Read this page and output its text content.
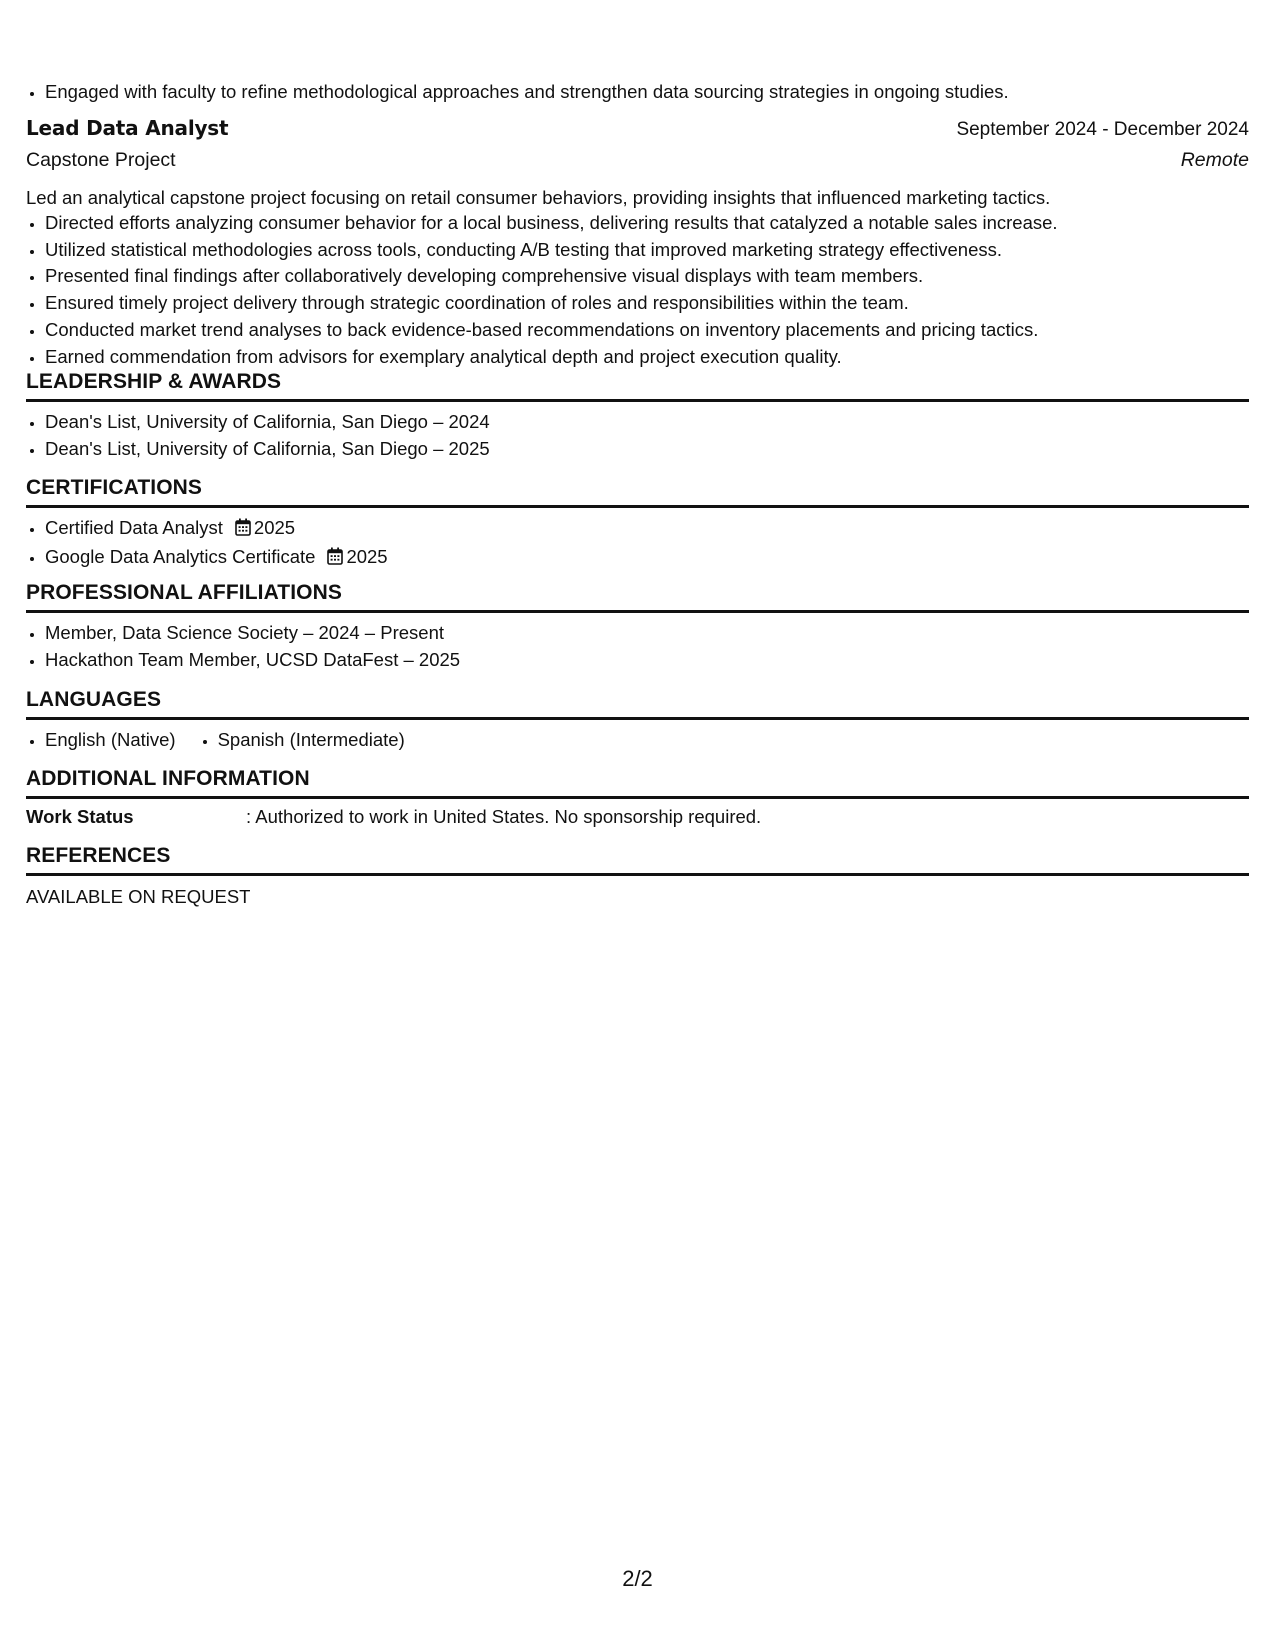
• Engaged with faculty to refine methodological approaches and strengthen data sourcing strategies in ongoing studies.
Lead Data Analyst	September 2024 - December 2024
Capstone Project	Remote
Led an analytical capstone project focusing on retail consumer behaviors, providing insights that influenced marketing tactics.
• Directed efforts analyzing consumer behavior for a local business, delivering results that catalyzed a notable sales increase.
• Utilized statistical methodologies across tools, conducting A/B testing that improved marketing strategy effectiveness.
• Presented final findings after collaboratively developing comprehensive visual displays with team members.
• Ensured timely project delivery through strategic coordination of roles and responsibilities within the team.
• Conducted market trend analyses to back evidence-based recommendations on inventory placements and pricing tactics.
• Earned commendation from advisors for exemplary analytical depth and project execution quality.
LEADERSHIP & AWARDS
• Dean's List, University of California, San Diego – 2024
• Dean's List, University of California, San Diego – 2025
CERTIFICATIONS
• Certified Data Analyst 2025
• Google Data Analytics Certificate 2025
PROFESSIONAL AFFILIATIONS
• Member, Data Science Society – 2024 – Present
• Hackathon Team Member, UCSD DataFest – 2025
LANGUAGES
• English (Native)
• Spanish (Intermediate)
ADDITIONAL INFORMATION
Work Status	: Authorized to work in United States. No sponsorship required.
REFERENCES
AVAILABLE ON REQUEST
2/2
